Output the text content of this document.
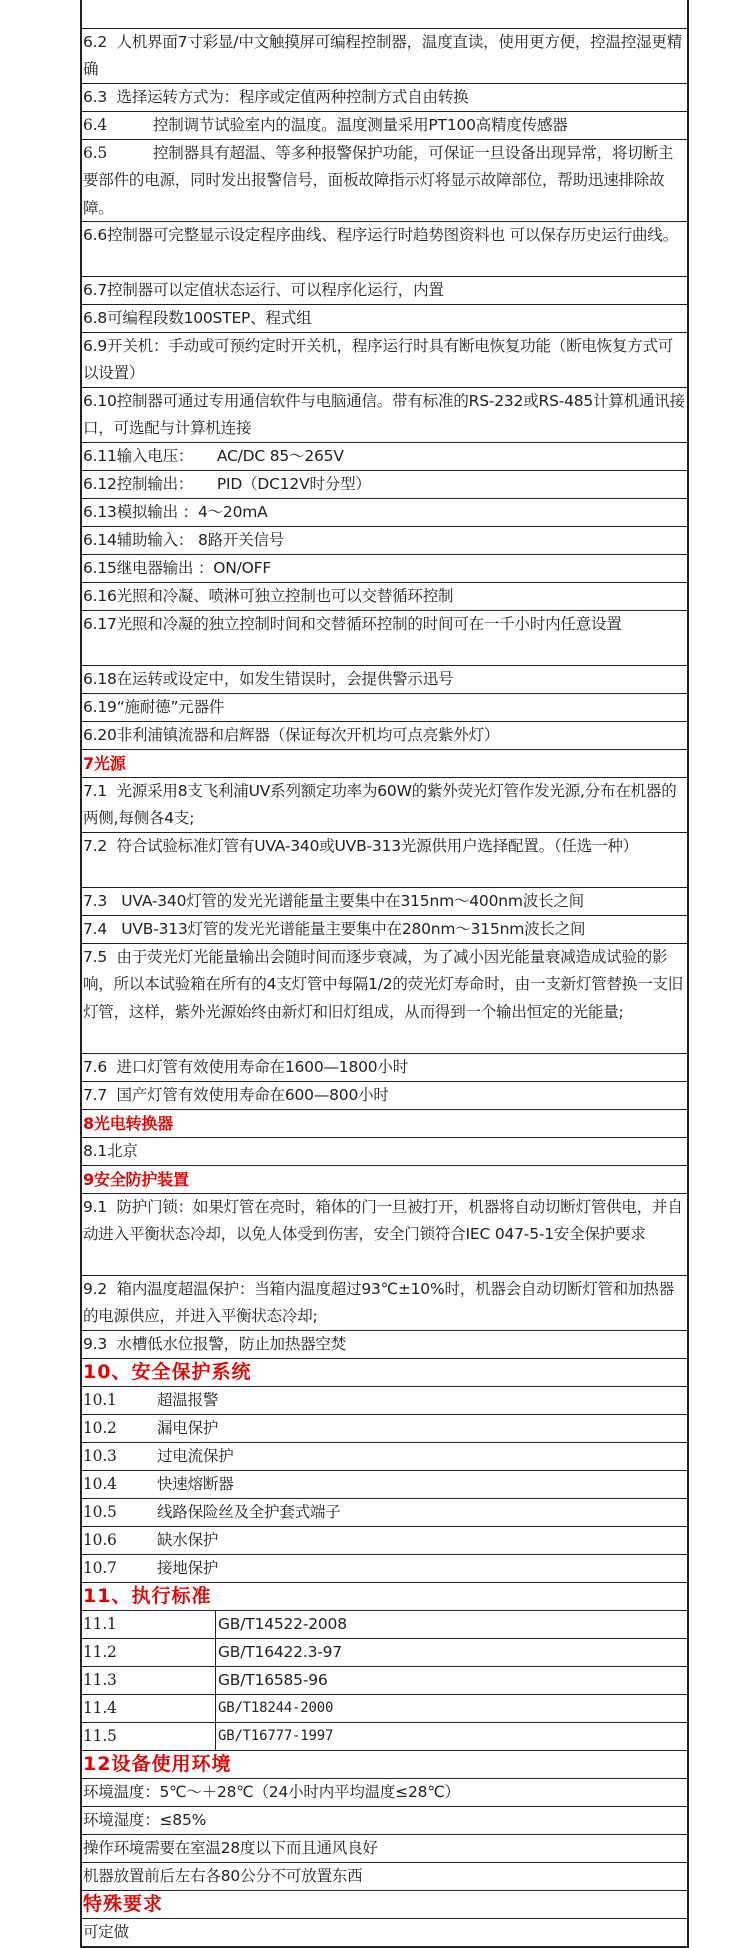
6.2 人机界面7寸彩显/中文触摸屏可编程控制器，温度直读，使用更方便，控温控湿更精确
6.3 选择运转方式为：程序或定值两种控制方式自由转换
6.4	控制调节试验室内的温度。温度测量采用PT100高精度传感器
6.5	控制器具有超温、等多种报警保护功能，可保证一旦设备出现异常，将切断主要部件的电源，同时发出报警信号，面板故障指示灯将显示故障部位，帮助迅速排除故障。
6.6控制器可完整显示设定程序曲线、程序运行时趋势图资料也 可以保存历史运行曲线。
6.7控制器可以定值状态运行、可以程序化运行，内置
6.8可编程段数100STEP、程式组
6.9开关机：手动或可预约定时开关机，程序运行时具有断电恢复功能（断电恢复方式可以设置）
6.10控制器可通过专用通信软件与电脑通信。带有标准的RS-232或RS-485计算机通讯接口，可选配与计算机连接
6.11输入电压：     AC/DC 85～265V
6.12控制输出：     PID（DC12V时分型）
6.13模拟输出 ：4～20mA
6.14辅助输入： 8路开关信号
6.15继电器输出 ：ON/OFF
6.16光照和冷凝、喷淋可独立控制也可以交替循环控制
6.17光照和冷凝的独立控制时间和交替循环控制的时间可在一千小时内任意设置
6.18在运转或设定中，如发生错误时，会提供警示迅号
6.19“施耐德”元器件
6.20非利浦镇流器和启辉器（保证每次开机均可点亮紫外灯）
7光源
7.1 光源采用8支飞利浦UV系列额定功率为60W的紫外荧光灯管作发光源,分布在机器的两侧,每侧各4支;
7.2 符合试验标准灯管有UVA-340或UVB-313光源供用户选择配置。（任选一种）
7.3   UVA-340灯管的发光光谱能量主要集中在315nm～400nm波长之间
7.4   UVB-313灯管的发光光谱能量主要集中在280nm～315nm波长之间
7.5 由于荧光灯光能量输出会随时间而逐步衰减，为了减小因光能量衰减造成试验的影响，所以本试验箱在所有的4支灯管中每隔1/2的荧光灯寿命时，由一支新灯管替换一支旧灯管，这样，紫外光源始终由新灯和旧灯组成，从而得到一个输出恒定的光能量;
7.6 进口灯管有效使用寿命在1600—1800小时
7.7 国产灯管有效使用寿命在600—800小时
8光电转换器
8.1北京
9安全防护装置
9.1 防护门锁：如果灯管在亮时，箱体的门一旦被打开，机器将自动切断灯管供电，并自动进入平衡状态冷却，以免人体受到伤害，安全门锁符合IEC 047-5-1安全保护要求
9.2 箱内温度超温保护：当箱内温度超过93℃±10%时，机器会自动切断灯管和加热器的电源供应，并进入平衡状态冷却;
9.3 水槽低水位报警，防止加热器空焚
10、安全保护系统
10.1	超温报警
10.2	漏电保护
10.3	过电流保护
10.4	快速熔断器
10.5	线路保险丝及全护套式端子
10.6	缺水保护
10.7	接地保护
11、执行标准
11.1	GB/T14522-2008
11.2	GB/T16422.3-97
11.3	GB/T16585-96
11.4	GB/T18244-2000
11.5	GB/T16777-1997
12设备使用环境
环境温度：5℃～＋28℃（24小时内平均温度≤28℃）
环境湿度：≤85%
操作环境需要在室温28度以下而且通风良好
机器放置前后左右各80公分不可放置东西
特殊要求
可定做
